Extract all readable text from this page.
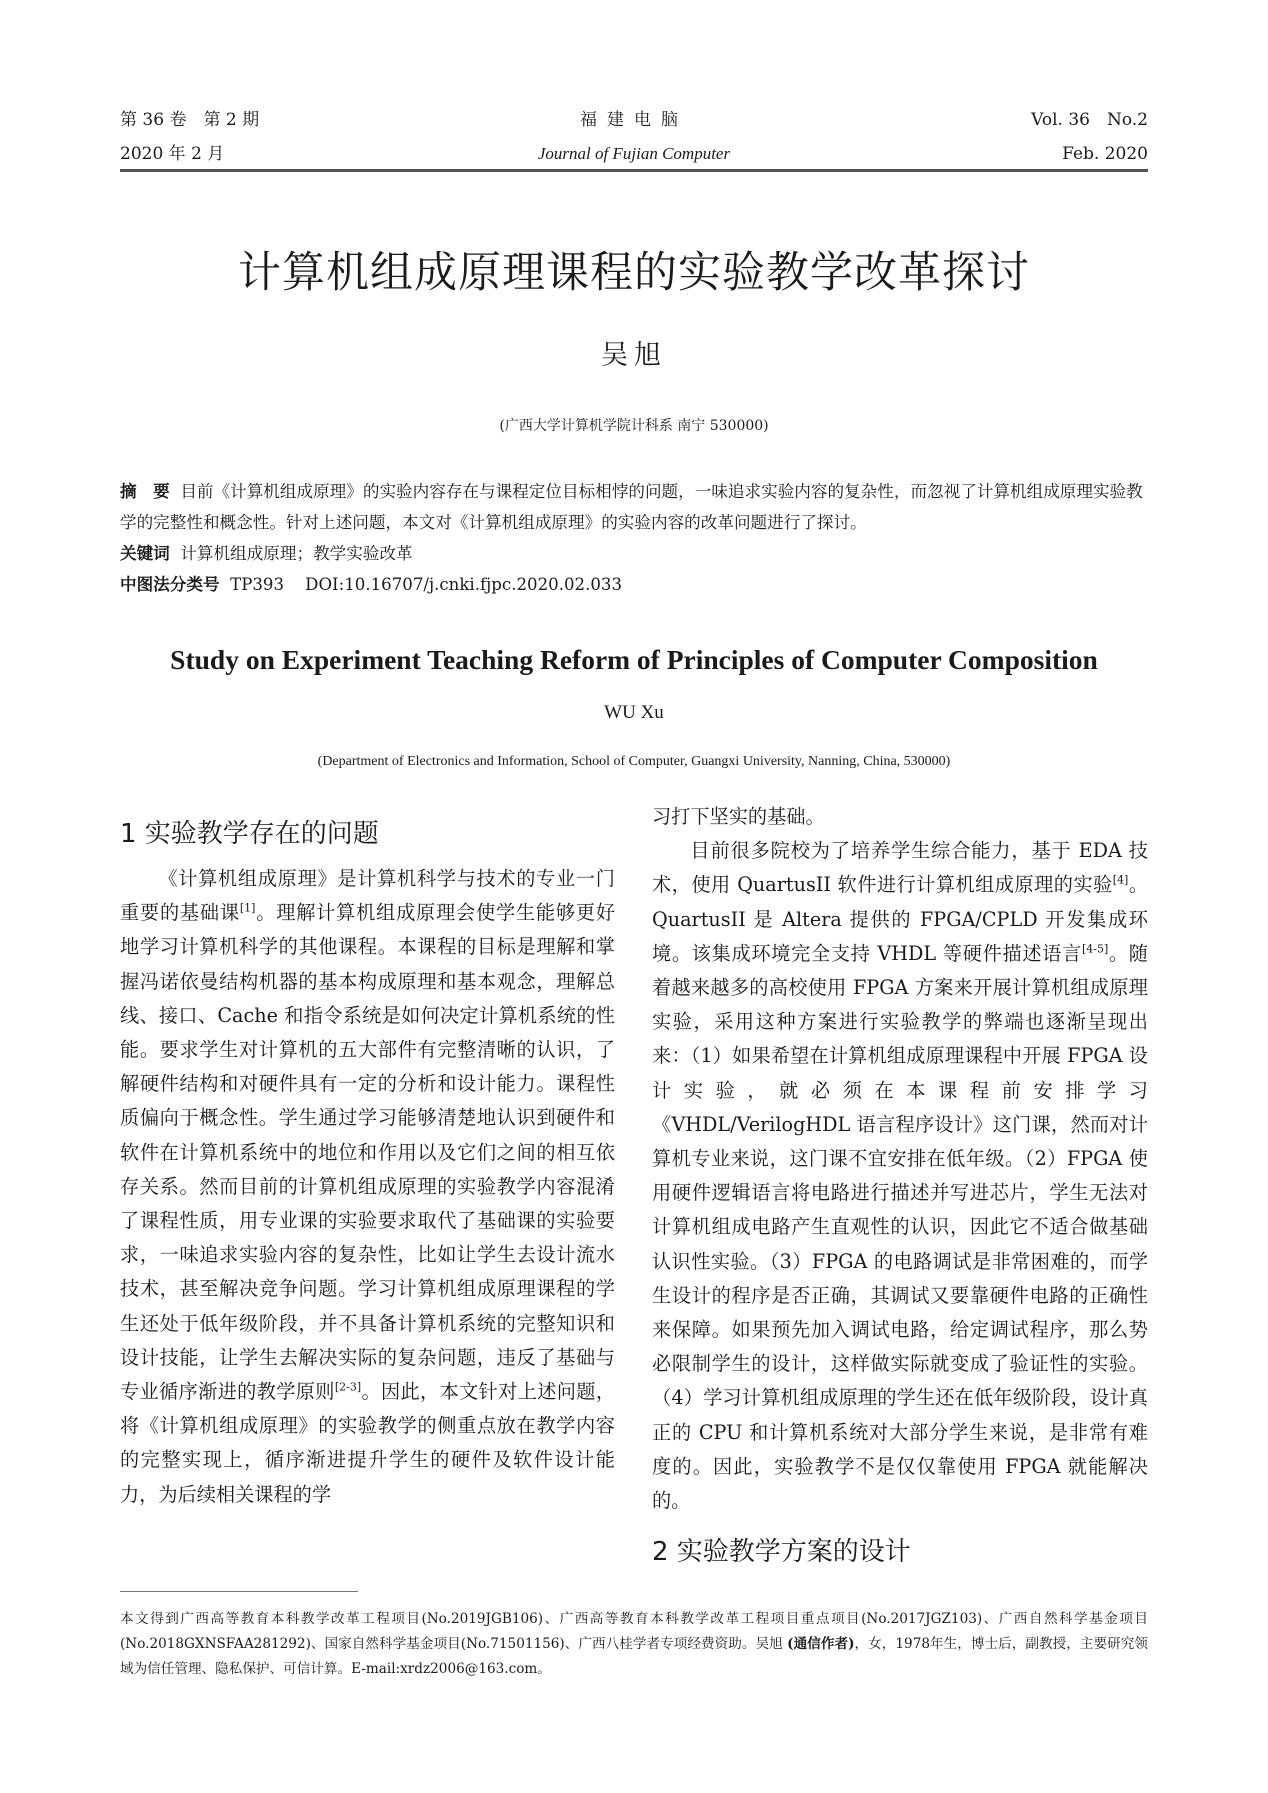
第 36 卷　第 2 期	福建电脑	Vol. 36　No.2
2020 年 2 月	Journal of Fujian Computer	Feb. 2020
计算机组成原理课程的实验教学改革探讨
吴旭
(广西大学计算机学院计科系 南宁 530000)

摘　要 目前《计算机组成原理》的实验内容存在与课程定位目标相悖的问题，一味追求实验内容的复杂性，而忽视了计算机组成原理实验教学的完整性和概念性。针对上述问题，本文对《计算机组成原理》的实验内容的改革问题进行了探讨。

关键词 计算机组成原理；教学实验改革

中图法分类号 TP393 DOI:10.16707/j.cnki.fjpc.2020.02.033

Study on Experiment Teaching Reform of Principles of Computer Composition
WU Xu
(Department of Electronics and Information, School of Computer, Guangxi University, Nanning, China, 530000)
1 实验教学存在的问题

《计算机组成原理》是计算机科学与技术的专业一门重要的基础课[1]。理解计算机组成原理会使学生能够更好地学习计算机科学的其他课程。本课程的目标是理解和掌握冯诺依曼结构机器的基本构成原理和基本观念，理解总线、接口、Cache 和指令系统是如何决定计算机系统的性能。要求学生对计算机的五大部件有完整清晰的认识，了解硬件结构和对硬件具有一定的分析和设计能力。课程性质偏向于概念性。学生通过学习能够清楚地认识到硬件和软件在计算机系统中的地位和作用以及它们之间的相互依存关系。然而目前的计算机组成原理的实验教学内容混淆了课程性质，用专业课的实验要求取代了基础课的实验要求，一味追求实验内容的复杂性，比如让学生去设计流水技术，甚至解决竞争问题。学习计算机组成原理课程的学生还处于低年级阶段，并不具备计算机系统的完整知识和设计技能，让学生去解决实际的复杂问题，违反了基础与专业循序渐进的教学原则[2-3]。因此，本文针对上述问题，将《计算机组成原理》的实验教学的侧重点放在教学内容的完整实现上，循序渐进提升学生的硬件及软件设计能力，为后续相关课程的学

习打下坚实的基础。

目前很多院校为了培养学生综合能力，基于 EDA 技术，使用 QuartusII 软件进行计算机组成原理的实验[4]。QuartusII 是 Altera 提供的 FPGA/CPLD 开发集成环境。该集成环境完全支持 VHDL 等硬件描述语言[4-5]。随着越来越多的高校使用 FPGA 方案来开展计算机组成原理实验，采用这种方案进行实验教学的弊端也逐渐呈现出来：（1）如果希望在计算机组成原理课程中开展 FPGA 设计实验，就必须在本课程前安排学习《VHDL/VerilogHDL 语言程序设计》这门课，然而对计算机专业来说，这门课不宜安排在低年级。（2）FPGA 使用硬件逻辑语言将电路进行描述并写进芯片，学生无法对计算机组成电路产生直观性的认识，因此它不适合做基础认识性实验。（3）FPGA 的电路调试是非常困难的，而学生设计的程序是否正确，其调试又要靠硬件电路的正确性来保障。如果预先加入调试电路，给定调试程序，那么势必限制学生的设计，这样做实际就变成了验证性的实验。（4）学习计算机组成原理的学生还在低年级阶段，设计真正的 CPU 和计算机系统对大部分学生来说，是非常有难度的。因此，实验教学不是仅仅靠使用 FPGA 就能解决的。

2 实验教学方案的设计

本文得到广西高等教育本科教学改革工程项目(No.2019JGB106)、广西高等教育本科教学改革工程项目重点项目(No.2017JGZ103)、广西自然科学基金项目(No.2018GXNSFAA281292)、国家自然科学基金项目(No.71501156)、广西八桂学者专项经费资助。吴旭 (通信作者)，女，1978年生，博士后，副教授，主要研究领域为信任管理、隐私保护、可信计算。E-mail:xrdz2006@163.com。
